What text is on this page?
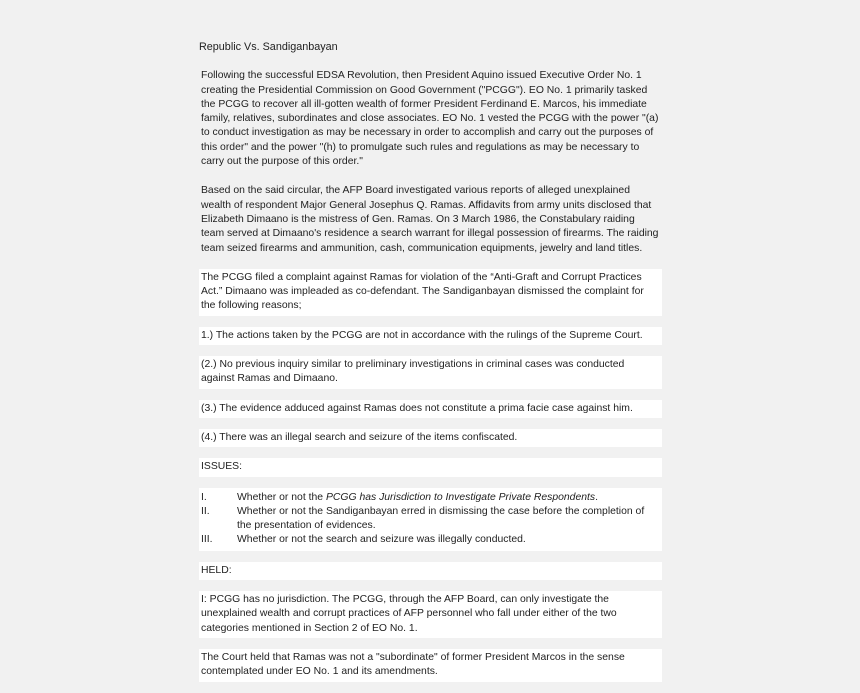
Republic Vs. Sandiganbayan
Following the successful EDSA Revolution, then President Aquino issued Executive Order No. 1 creating the Presidential Commission on Good Government ("PCGG"). EO No. 1 primarily tasked the PCGG to recover all ill-gotten wealth of former President Ferdinand E. Marcos, his immediate family, relatives, subordinates and close associates. EO No. 1 vested the PCGG with the power "(a) to conduct investigation as may be necessary in order to accomplish and carry out the purposes of this order" and the power "(h) to promulgate such rules and regulations as may be necessary to carry out the purpose of this order."
Based on the said circular, the AFP Board investigated various reports of alleged unexplained wealth of respondent Major General Josephus Q. Ramas. Affidavits from army units disclosed that Elizabeth Dimaano is the mistress of Gen. Ramas. On 3 March 1986, the Constabulary raiding team served at Dimaano's residence a search warrant for illegal possession of firearms. The raiding team seized firearms and ammunition, cash, communication equipments, jewelry and land titles.
The PCGG filed a complaint against Ramas for violation of the “Anti-Graft and Corrupt Practices Act.” Dimaano was impleaded as co-defendant. The Sandiganbayan dismissed the complaint for the following reasons;
1.) The actions taken by the PCGG are not in accordance with the rulings of the Supreme Court.
(2.) No previous inquiry similar to preliminary investigations in criminal cases was conducted against Ramas and Dimaano.
(3.) The evidence adduced against Ramas does not constitute a prima facie case against him.
(4.) There was an illegal search and seizure of the items confiscated.
ISSUES:
I.	Whether or not the PCGG has Jurisdiction to Investigate Private Respondents.
II.	Whether or not the Sandiganbayan erred in dismissing the case before the completion of the presentation of evidences.
III.	Whether or not the search and seizure was illegally conducted.
HELD:
I: PCGG has no jurisdiction. The PCGG, through the AFP Board, can only investigate the unexplained wealth and corrupt practices of AFP personnel who fall under either of the two categories mentioned in Section 2 of EO No. 1.
The Court held that Ramas was not a "subordinate" of former President Marcos in the sense contemplated under EO No. 1 and its amendments.
